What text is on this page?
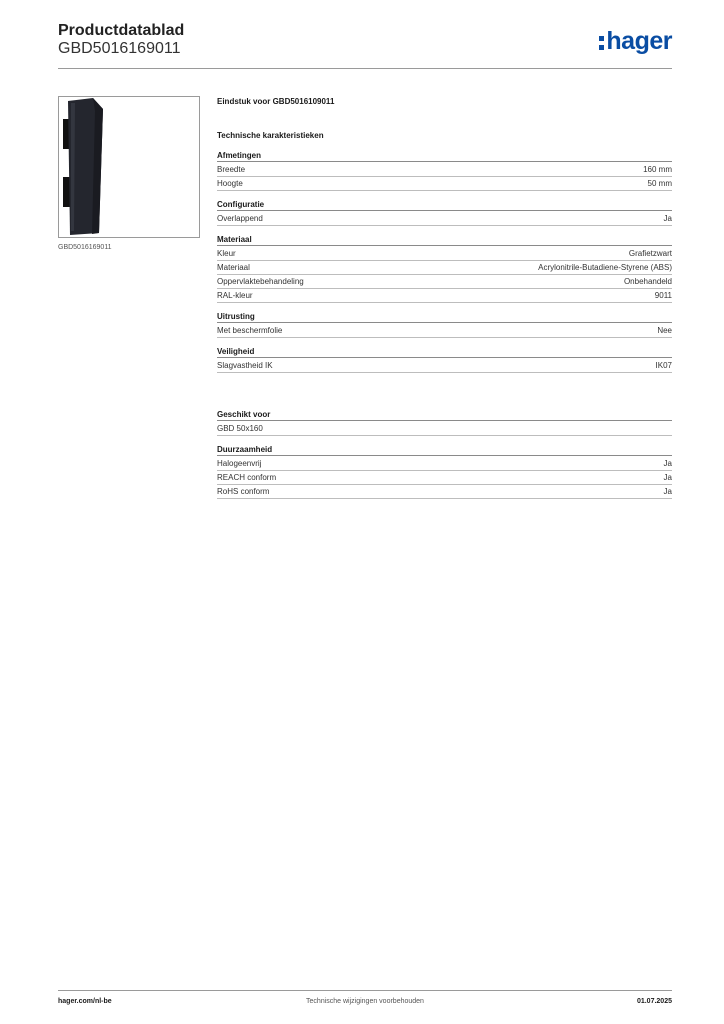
Productdatablad
GBD5016169011	hager
GBD5016169011
Eindstuk voor GBD5016109011
Technische karakteristieken
Afmetingen
Breedte	160 mm
Hoogte	50 mm
Configuratie
Overlappend	Ja
Materiaal
Kleur	Grafietzwart
Materiaal	Acrylonitrile-Butadiene-Styrene (ABS)
Oppervlaktebehandeling	Onbehandeld
RAL-kleur	9011
Uitrusting
Met beschermfolie	Nee
Veiligheid
Slagvastheid IK	IK07
Geschikt voor
GBD 50x160
Duurzaamheid
Halogeenvrij	Ja
REACH conform	Ja
RoHS conform	Ja
Technische wijzigingen voorbehouden
hager.com/nl-be	01.07.2025
